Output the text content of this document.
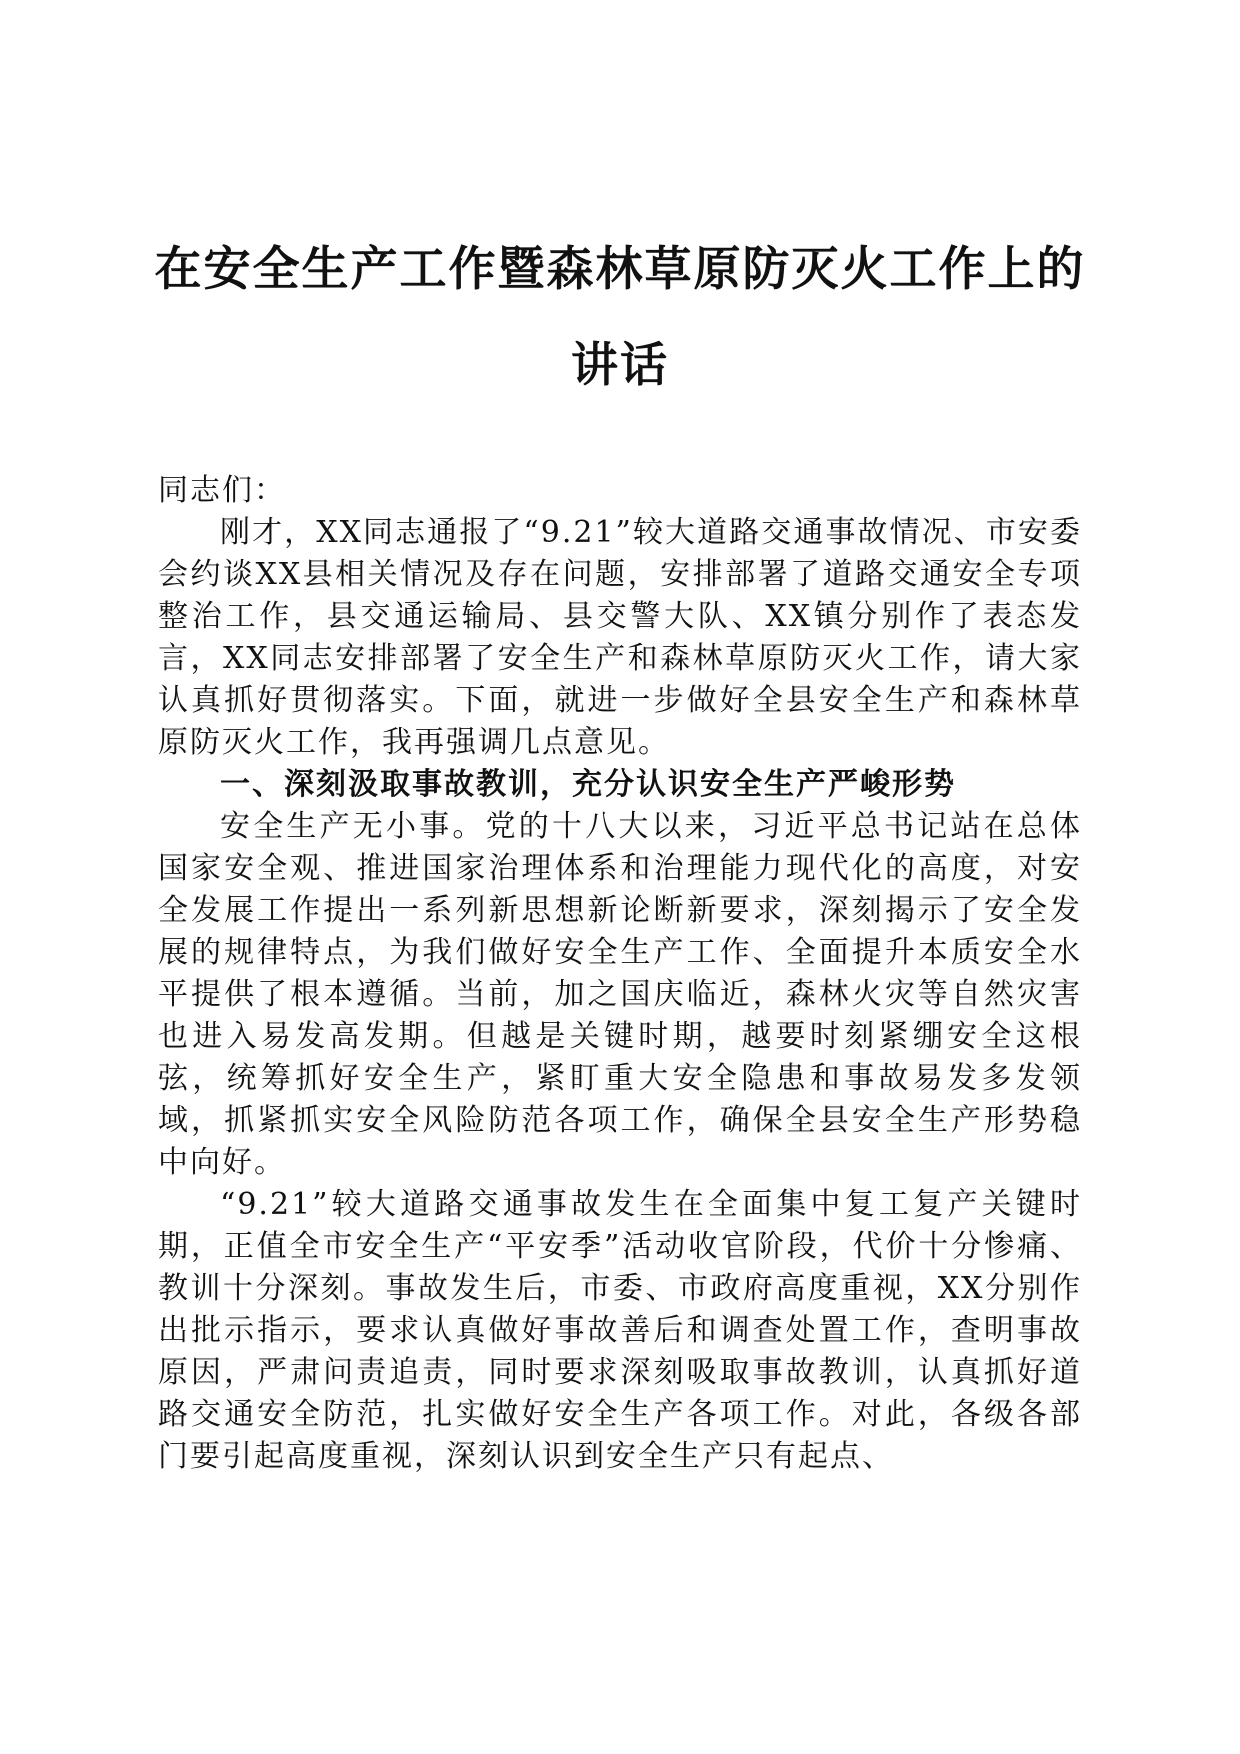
在安全生产工作暨森林草原防灭火工作上的讲话

同志们：

刚才，XX同志通报了“9.21”较大道路交通事故情况、市安委会约谈XX县相关情况及存在问题，安排部署了道路交通安全专项整治工作，县交通运输局、县交警大队、XX镇分别作了表态发言，XX同志安排部署了安全生产和森林草原防灭火工作，请大家认真抓好贯彻落实。下面，就进一步做好全县安全生产和森林草原防灭火工作，我再强调几点意见。

一、深刻汲取事故教训，充分认识安全生产严峻形势

安全生产无小事。党的十八大以来，习近平总书记站在总体国家安全观、推进国家治理体系和治理能力现代化的高度，对安全发展工作提出一系列新思想新论断新要求，深刻揭示了安全发展的规律特点，为我们做好安全生产工作、全面提升本质安全水平提供了根本遵循。当前，加之国庆临近，森林火灾等自然灾害也进入易发高发期。但越是关键时期，越要时刻紧绷安全这根弦，统筹抓好安全生产，紧盯重大安全隐患和事故易发多发领域，抓紧抓实安全风险防范各项工作，确保全县安全生产形势稳中向好。

“9.21”较大道路交通事故发生在全面集中复工复产关键时期，正值全市安全生产“平安季”活动收官阶段，代价十分惨痛、教训十分深刻。事故发生后，市委、市政府高度重视，XX分别作出批示指示，要求认真做好事故善后和调查处置工作，查明事故原因，严肃问责追责，同时要求深刻吸取事故教训，认真抓好道路交通安全防范，扎实做好安全生产各项工作。对此，各级各部门要引起高度重视，深刻认识到安全生产只有起点、
